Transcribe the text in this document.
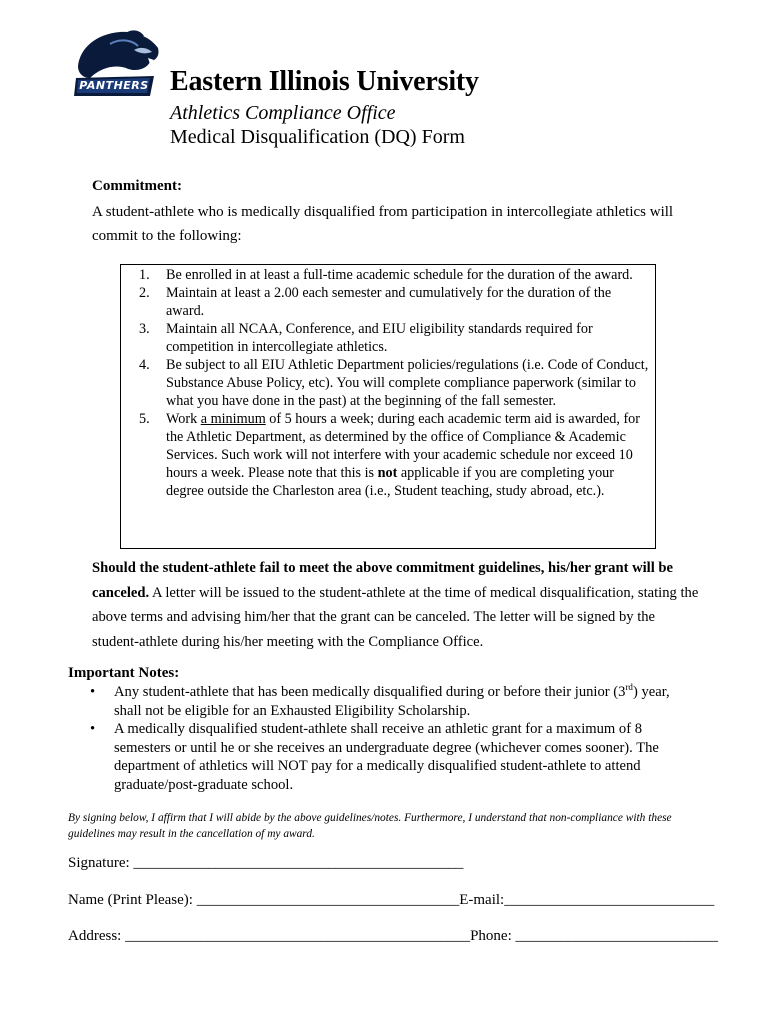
PANTHERS Eastern Illinois University
Athletics Compliance Office
Medical Disqualification (DQ) Form
Commitment:
A student-athlete who is medically disqualified from participation in intercollegiate athletics will commit to the following:
1. Be enrolled in at least a full-time academic schedule for the duration of the award.
2. Maintain at least a 2.00 each semester and cumulatively for the duration of the award.
3. Maintain all NCAA, Conference, and EIU eligibility standards required for competition in intercollegiate athletics.
4. Be subject to all EIU Athletic Department policies/regulations (i.e. Code of Conduct, Substance Abuse Policy, etc). You will complete compliance paperwork (similar to what you have done in the past) at the beginning of the fall semester.
5. Work a minimum of 5 hours a week; during each academic term aid is awarded, for the Athletic Department, as determined by the office of Compliance & Academic Services. Such work will not interfere with your academic schedule nor exceed 10 hours a week. Please note that this is not applicable if you are completing your degree outside the Charleston area (i.e., Student teaching, study abroad, etc.).
Should the student-athlete fail to meet the above commitment guidelines, his/her grant will be canceled. A letter will be issued to the student-athlete at the time of medical disqualification, stating the above terms and advising him/her that the grant can be canceled. The letter will be signed by the student-athlete during his/her meeting with the Compliance Office.
Important Notes:
• Any student-athlete that has been medically disqualified during or before their junior (3rd) year, shall not be eligible for an Exhausted Eligibility Scholarship.
• A medically disqualified student-athlete shall receive an athletic grant for a maximum of 8 semesters or until he or she receives an undergraduate degree (whichever comes sooner). The department of athletics will NOT pay for a medically disqualified student-athlete to attend graduate/post-graduate school.
By signing below, I affirm that I will abide by the above guidelines/notes. Furthermore, I understand that non-compliance with these guidelines may result in the cancellation of my award.
Signature: ____________________________________________
Name (Print Please): ___________________________________E-mail:____________________________
Address: ______________________________________________Phone: ___________________________
